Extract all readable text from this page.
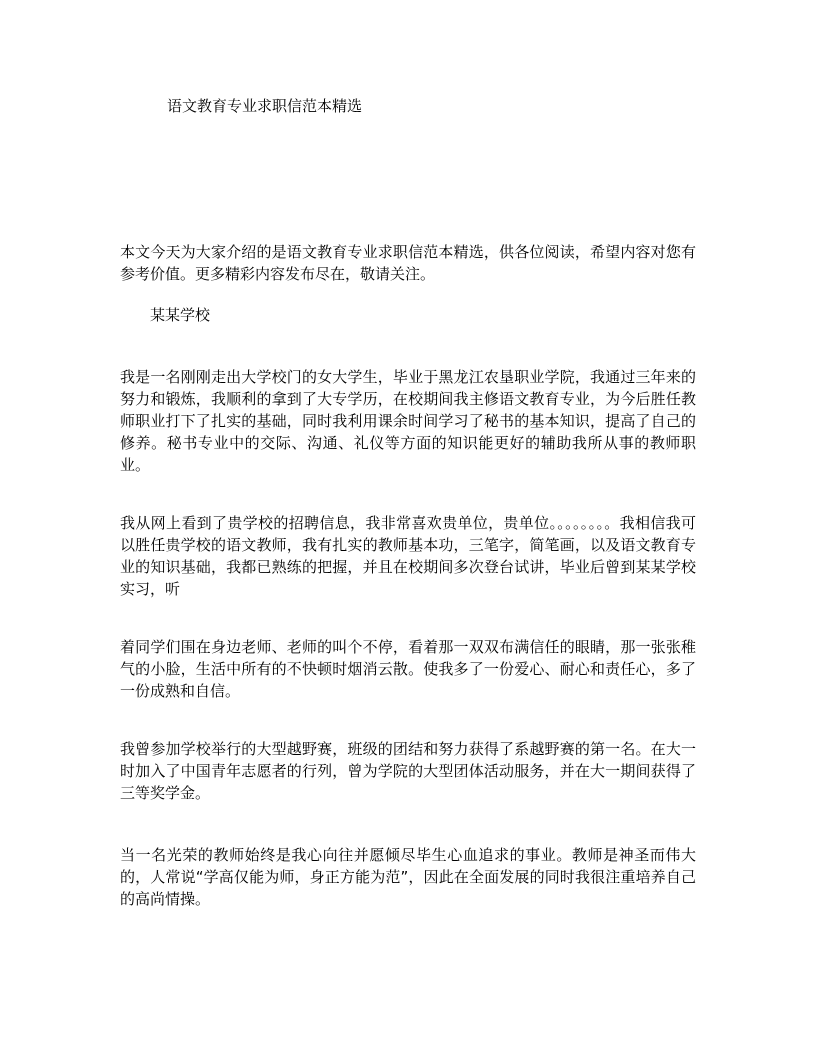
语文教育专业求职信范本精选
本文今天为大家介绍的是语文教育专业求职信范本精选，供各位阅读，希望内容对您有参考价值。更多精彩内容发布尽在，敬请关注。
某某学校
我是一名刚刚走出大学校门的女大学生，毕业于黑龙江农垦职业学院，我通过三年来的努力和锻炼，我顺利的拿到了大专学历，在校期间我主修语文教育专业，为今后胜任教师职业打下了扎实的基础，同时我利用课余时间学习了秘书的基本知识，提高了自己的修养。秘书专业中的交际、沟通、礼仪等方面的知识能更好的辅助我所从事的教师职业。
我从网上看到了贵学校的招聘信息，我非常喜欢贵单位，贵单位。。。。。。。。我相信我可以胜任贵学校的语文教师，我有扎实的教师基本功，三笔字，简笔画，以及语文教育专业的知识基础，我都已熟练的把握，并且在校期间多次登台试讲，毕业后曾到某某学校实习，听
着同学们围在身边老师、老师的叫个不停，看着那一双双布满信任的眼睛，那一张张稚气的小脸，生活中所有的不快顿时烟消云散。使我多了一份爱心、耐心和责任心，多了一份成熟和自信。
我曾参加学校举行的大型越野赛，班级的团结和努力获得了系越野赛的第一名。在大一时加入了中国青年志愿者的行列，曾为学院的大型团体活动服务，并在大一期间获得了三等奖学金。
当一名光荣的教师始终是我心向往并愿倾尽毕生心血追求的事业。教师是神圣而伟大的，人常说“学高仅能为师，身正方能为范”，因此在全面发展的同时我很注重培养自己的高尚情操。
